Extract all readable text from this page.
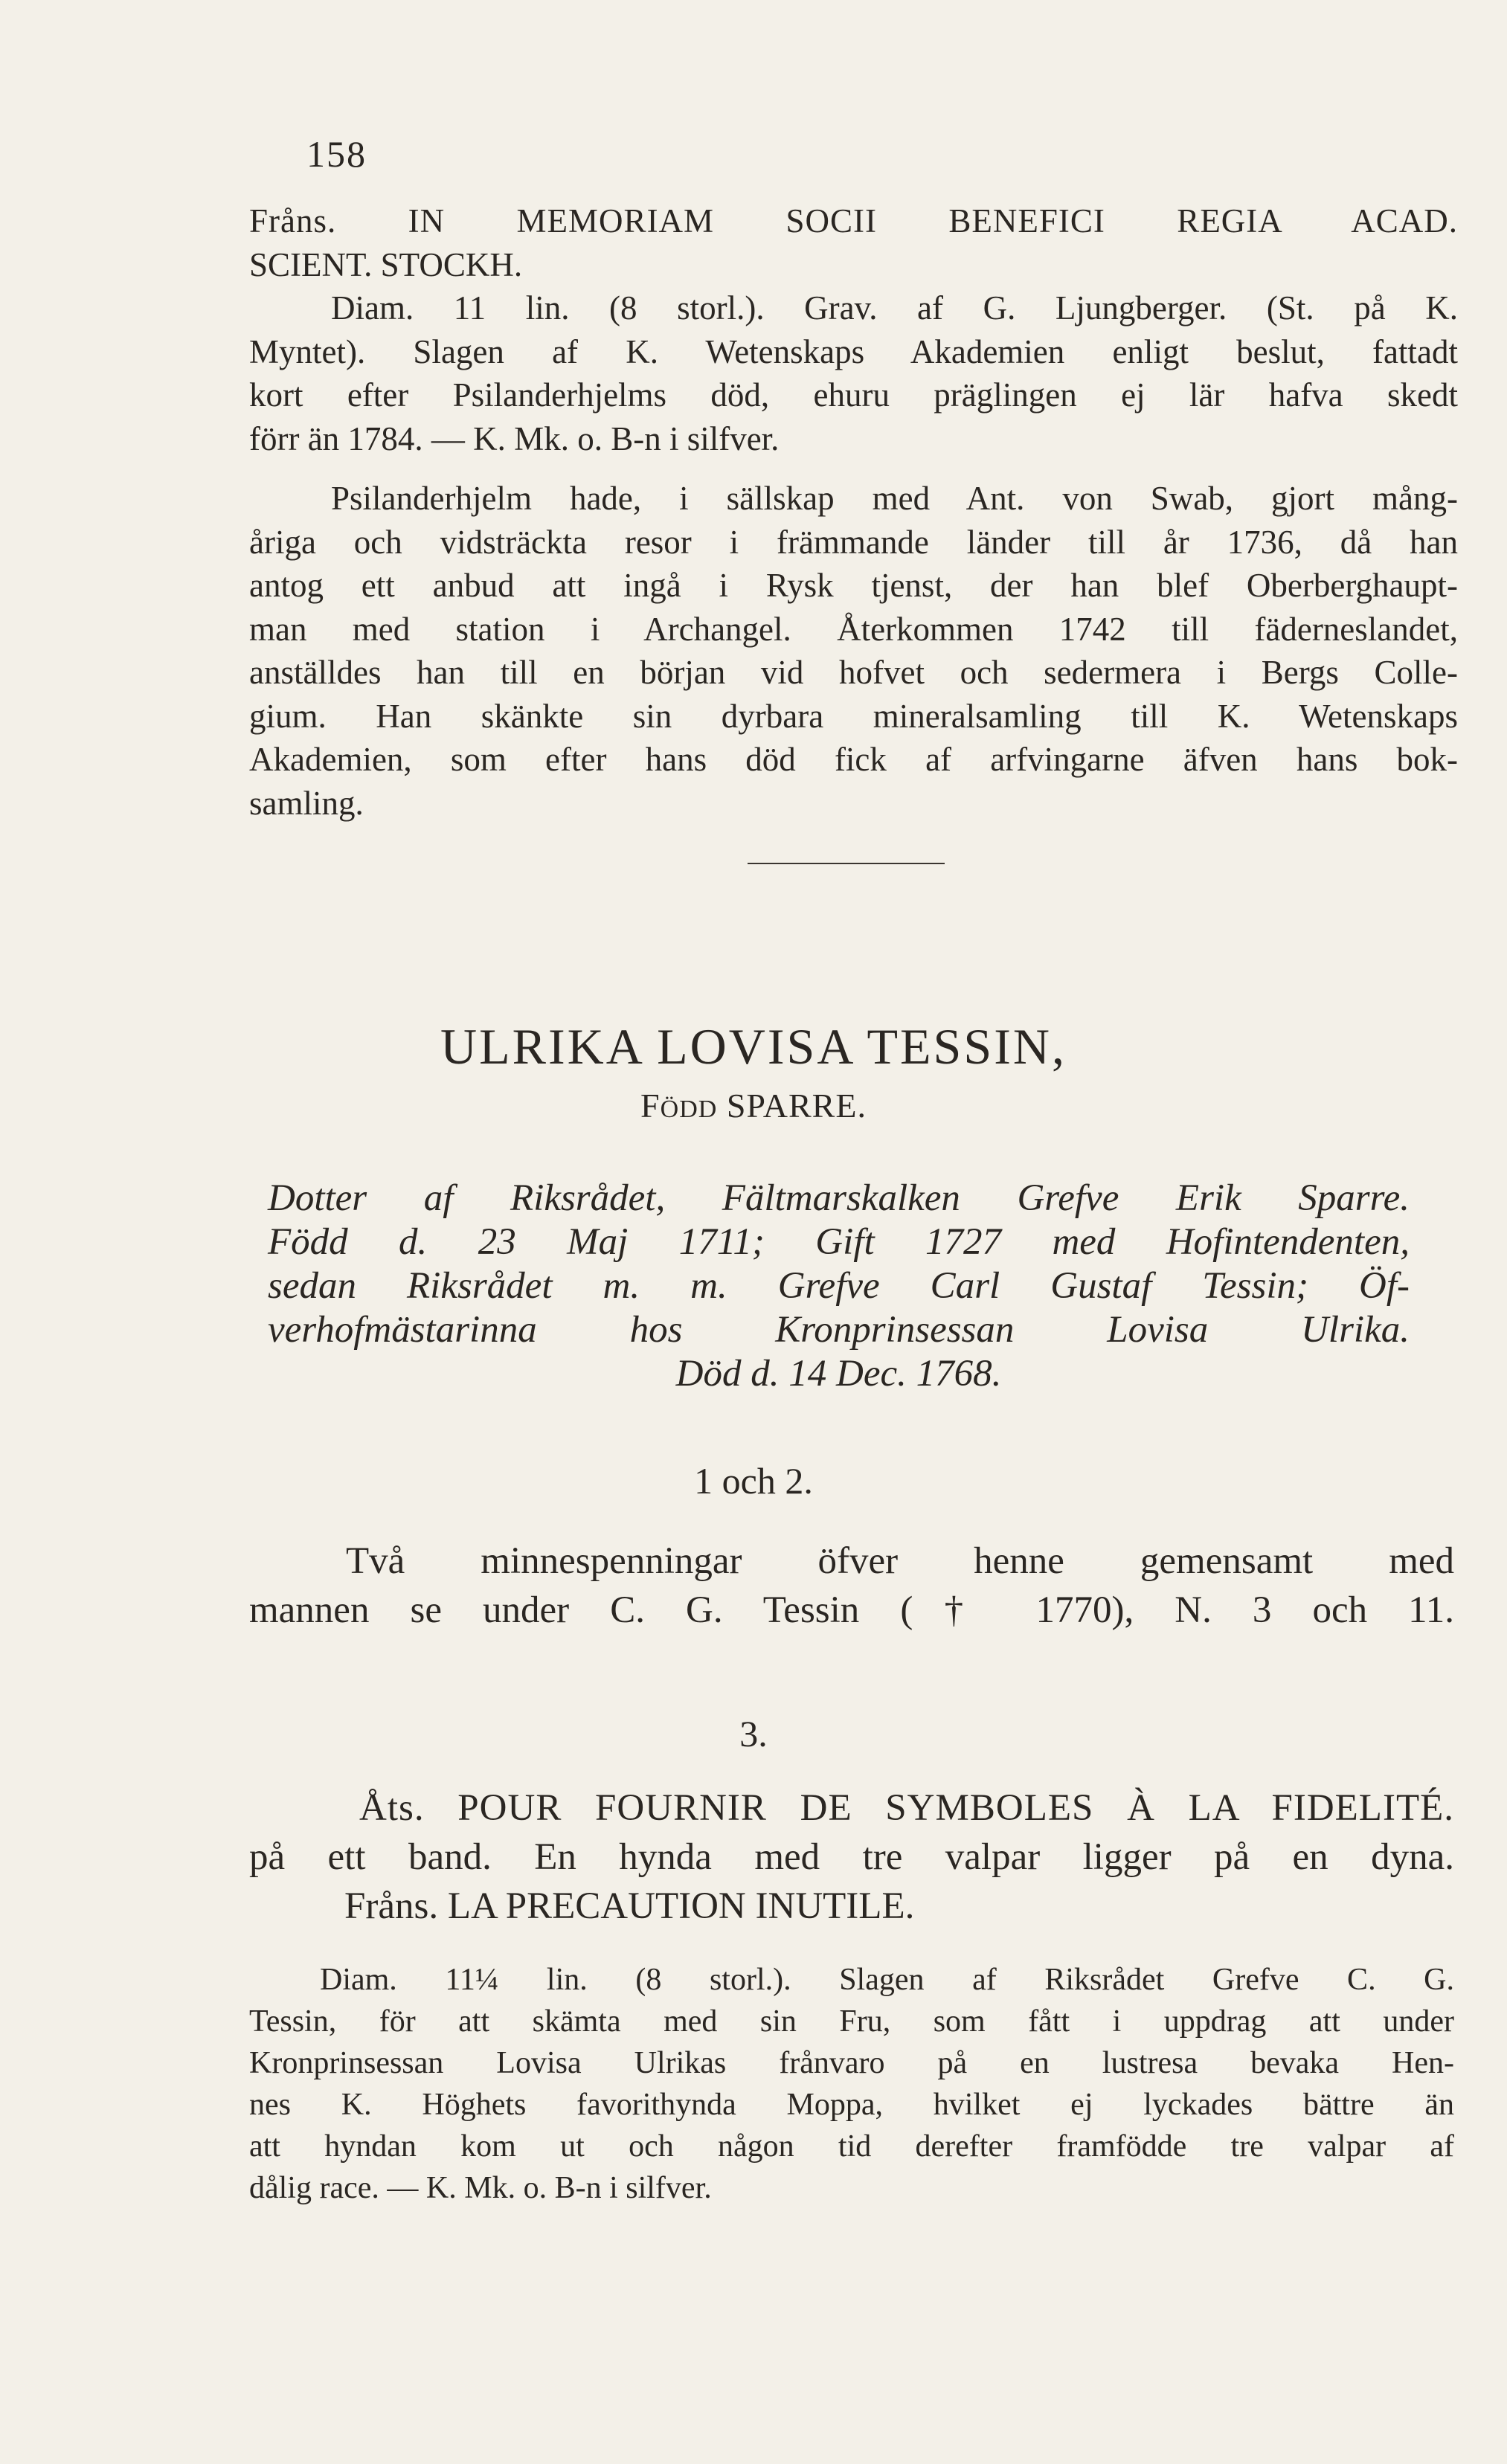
158
Fråns. IN MEMORIAM SOCII BENEFICI REGIA ACAD.
SCIENT. STOCKH.
Diam. 11 lin. (8 storl.). Grav. af G. Ljungberger. (St. på K.
Myntet). Slagen af K. Wetenskaps Akademien enligt beslut, fattadt
kort efter Psilanderhjelms död, ehuru präglingen ej lär hafva skedt
förr än 1784. — K. Mk. o. B-n i silfver.
Psilanderhjelm hade, i sällskap med Ant. von Swab, gjort mång-
åriga och vidsträckta resor i främmande länder till år 1736, då han
antog ett anbud att ingå i Rysk tjenst, der han blef Oberberghaupt-
man med station i Archangel. Återkommen 1742 till fäderneslandet,
anställdes han till en början vid hofvet och sedermera i Bergs Colle-
gium. Han skänkte sin dyrbara mineralsamling till K. Wetenskaps
Akademien, som efter hans död fick af arfvingarne äfven hans bok-
samling.
ULRIKA LOVISA TESSIN,
FÖDD SPARRE.
Dotter af Riksrådet, Fältmarskalken Grefve Erik Sparre.
Född d. 23 Maj 1711; Gift 1727 med Hofintendenten,
sedan Riksrådet m. m. Grefve Carl Gustaf Tessin; Öf-
verhofmästarinna hos Kronprinsessan Lovisa Ulrika.
Död d. 14 Dec. 1768.
1 och 2.
Två minnespenningar öfver henne gemensamt med
mannen se under C. G. Tessin († 1770), N. 3 och 11.
3.
Åts. POUR FOURNIR DE SYMBOLES À LA FIDELITÉ.
på ett band. En hynda med tre valpar ligger på en dyna.
Fråns. LA PRECAUTION INUTILE.
Diam. 11¼ lin. (8 storl.). Slagen af Riksrådet Grefve C. G.
Tessin, för att skämta med sin Fru, som fått i uppdrag att under
Kronprinsessan Lovisa Ulrikas frånvaro på en lustresa bevaka Hen-
nes K. Höghets favorithynda Moppa, hvilket ej lyckades bättre än
att hyndan kom ut och någon tid derefter framfödde tre valpar af
dålig race. — K. Mk. o. B-n i silfver.
